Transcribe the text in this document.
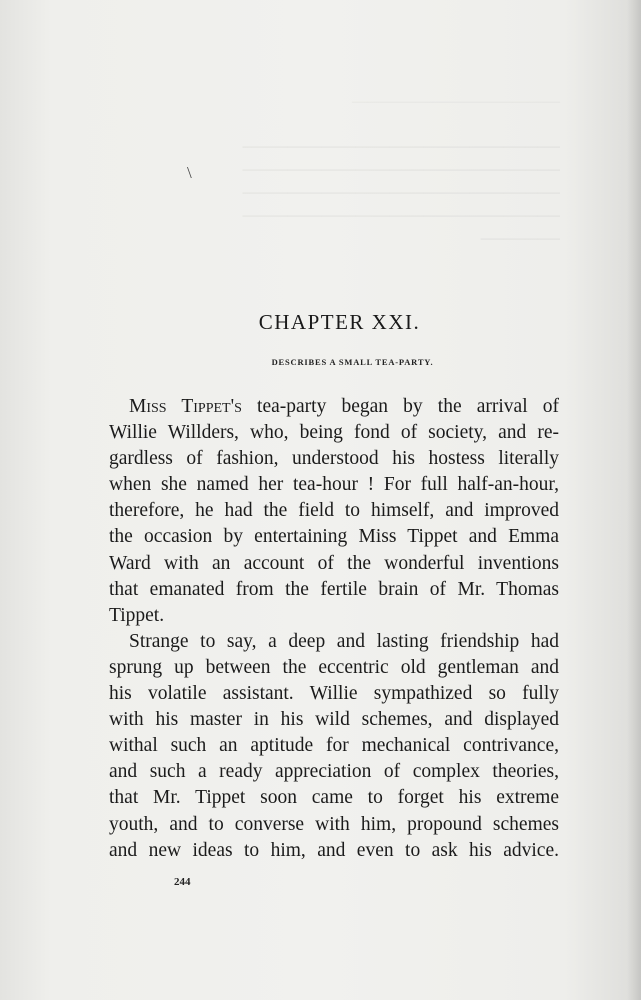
—————————————

────────────────────────────
────────────────────────────
────────────────────────────
────────────────────────────
───────
\
CHAPTER XXI.
DESCRIBES A SMALL TEA-PARTY.
Miss Tippet's tea-party began by the arrival of
Willie Willders, who, being fond of society, and re-
gardless of fashion, understood his hostess literally
when she named her tea-hour ! For full half-an-hour,
therefore, he had the field to himself, and improved
the occasion by entertaining Miss Tippet and Emma
Ward with an account of the wonderful inventions
that emanated from the fertile brain of Mr. Thomas
Tippet.
Strange to say, a deep and lasting friendship had
sprung up between the eccentric old gentleman and
his volatile assistant. Willie sympathized so fully
with his master in his wild schemes, and displayed
withal such an aptitude for mechanical contrivance,
and such a ready appreciation of complex theories,
that Mr. Tippet soon came to forget his extreme
youth, and to converse with him, propound schemes
and new ideas to him, and even to ask his advice.
244
